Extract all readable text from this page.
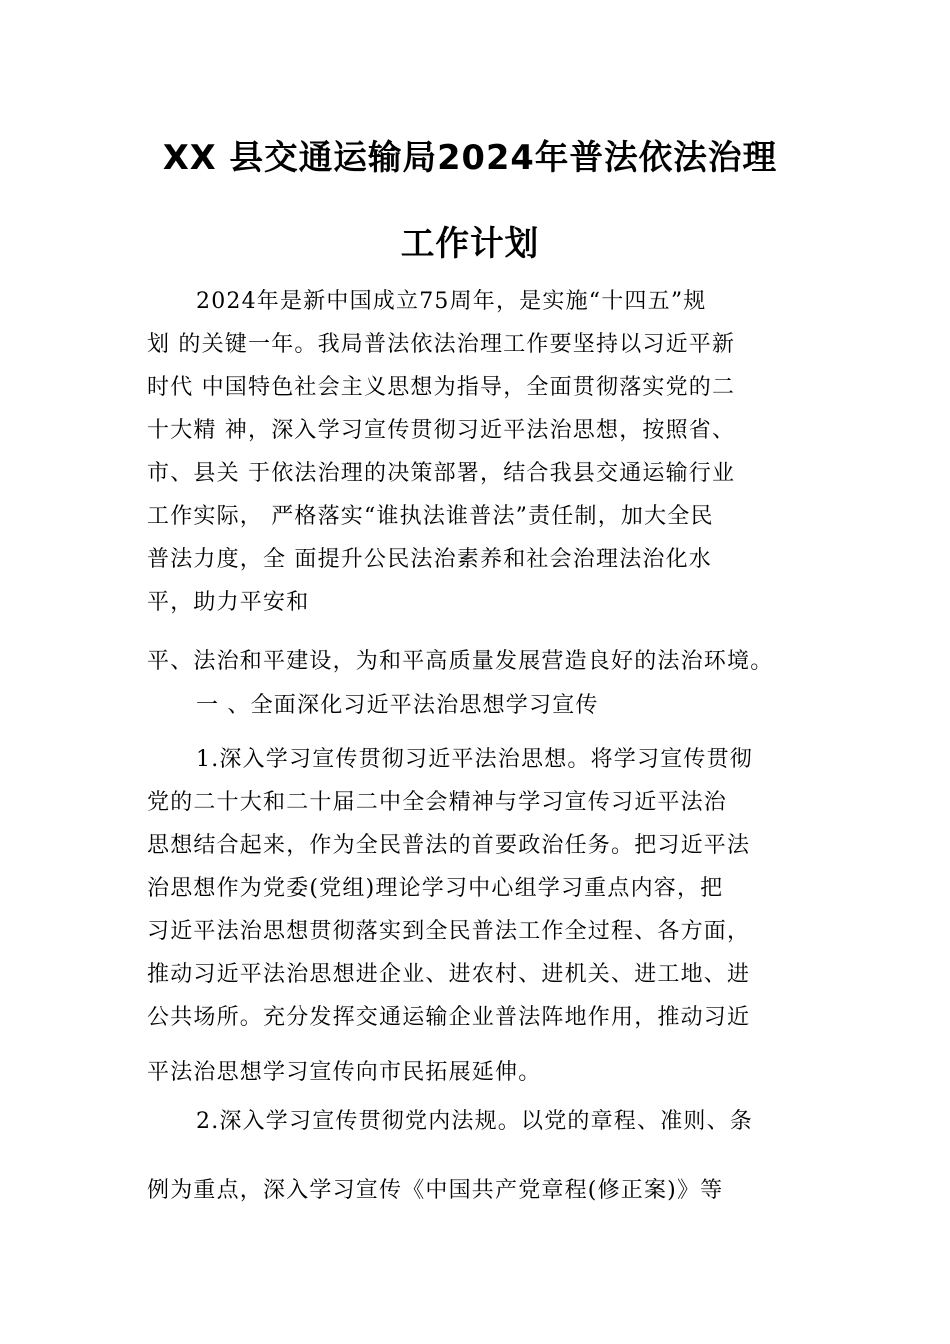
XX 县交通运输局2024年普法依法治理
工作计划
2024年是新中国成立75周年，是实施“十四五”规
划 的关键一年。我局普法依法治理工作要坚持以习近平新
时代 中国特色社会主义思想为指导，全面贯彻落实党的二
十大精 神，深入学习宣传贯彻习近平法治思想，按照省、
市、县关 于依法治理的决策部署，结合我县交通运输行业
工作实际， 严格落实“谁执法谁普法”责任制，加大全民
普法力度，全 面提升公民法治素养和社会治理法治化水
平，助力平安和
平、法治和平建设，为和平高质量发展营造良好的法治环境。
一 、全面深化习近平法治思想学习宣传
1.深入学习宣传贯彻习近平法治思想。将学习宣传贯彻
党的二十大和二十届二中全会精神与学习宣传习近平法治
思想结合起来，作为全民普法的首要政治任务。把习近平法
治思想作为党委(党组)理论学习中心组学习重点内容，把
习近平法治思想贯彻落实到全民普法工作全过程、各方面，
推动习近平法治思想进企业、进农村、进机关、进工地、进
公共场所。充分发挥交通运输企业普法阵地作用，推动习近
平法治思想学习宣传向市民拓展延伸。
2.深入学习宣传贯彻党内法规。以党的章程、准则、条
例为重点，深入学习宣传《中国共产党章程(修正案)》等
